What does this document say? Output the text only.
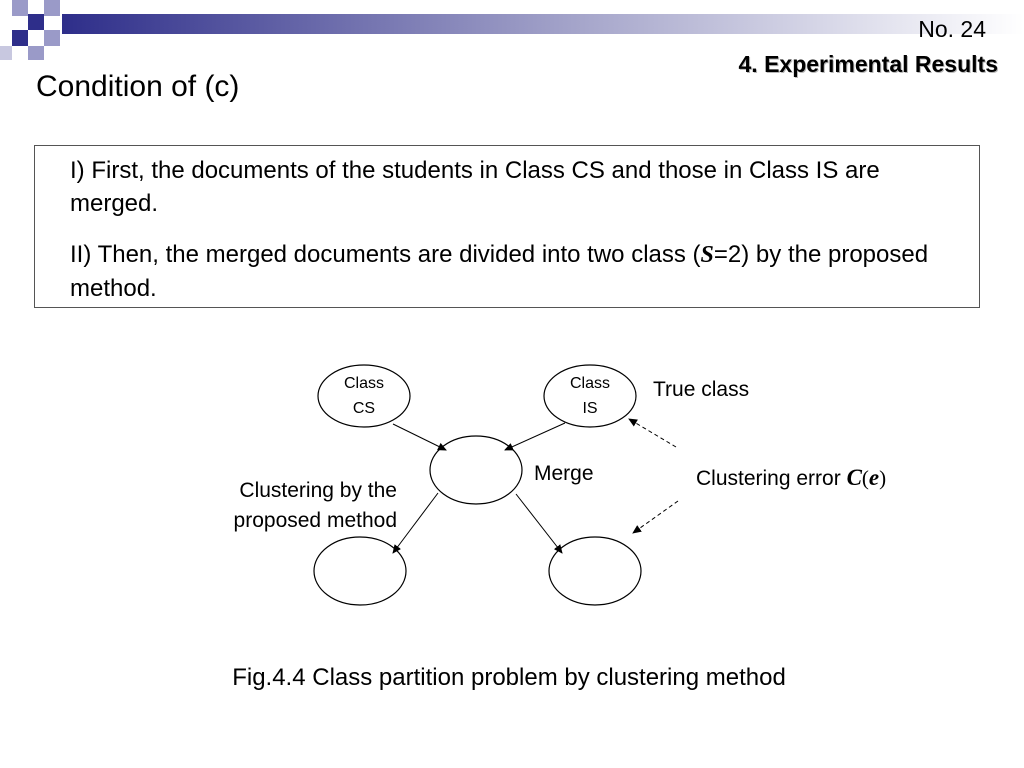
No. 24
4. Experimental Results
Condition of (c)
I) First, the documents of the students in Class CS and those in Class IS are merged.
II) Then, the merged documents are divided into two class (S=2) by the proposed method.
Class
CS
Class
IS
True class
Merge
Clustering by the
proposed method
Clustering error C(e)
Fig.4.4 Class partition problem by clustering method
